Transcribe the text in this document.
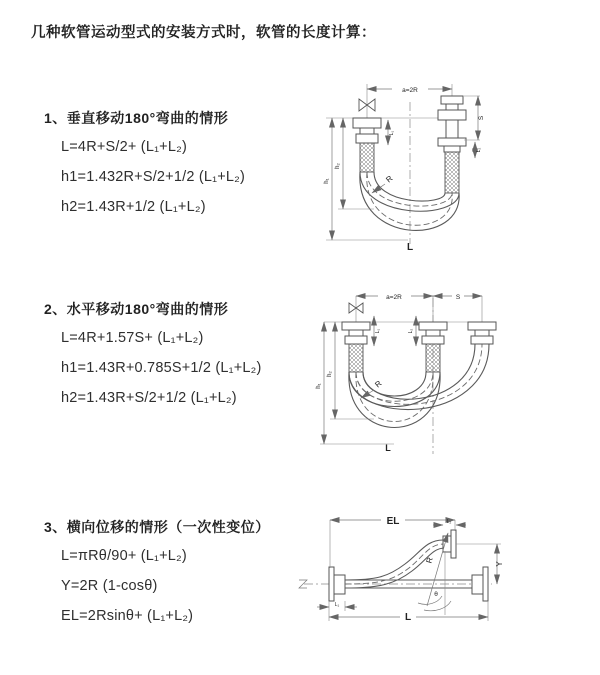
几种软管运动型式的安装方式时，软管的长度计算：
1、垂直移动180°弯曲的情形
L=4R+S/2+ (L₁+L₂)
h1=1.432R+S/2+1/2 (L₁+L₂)
h2=1.43R+1/2 (L₁+L₂)
2、水平移动180°弯曲的情形
L=4R+1.57S+ (L₁+L₂)
h1=1.43R+0.785S+1/2 (L₁+L₂)
h2=1.43R+S/2+1/2 (L₁+L₂)
3、横向位移的情形（一次性变位）
L=πRθ/90+ (L₁+L₂)
Y=2R (1-cosθ)
EL=2Rsinθ+ (L₁+L₂)
a=2R
h₁
h₂
S
L₂
L₁
R
L
a=2R	S
h₁
h₂
L₁	L₂
R
L
θ
R
EL
Y
L
L₁
L₂
